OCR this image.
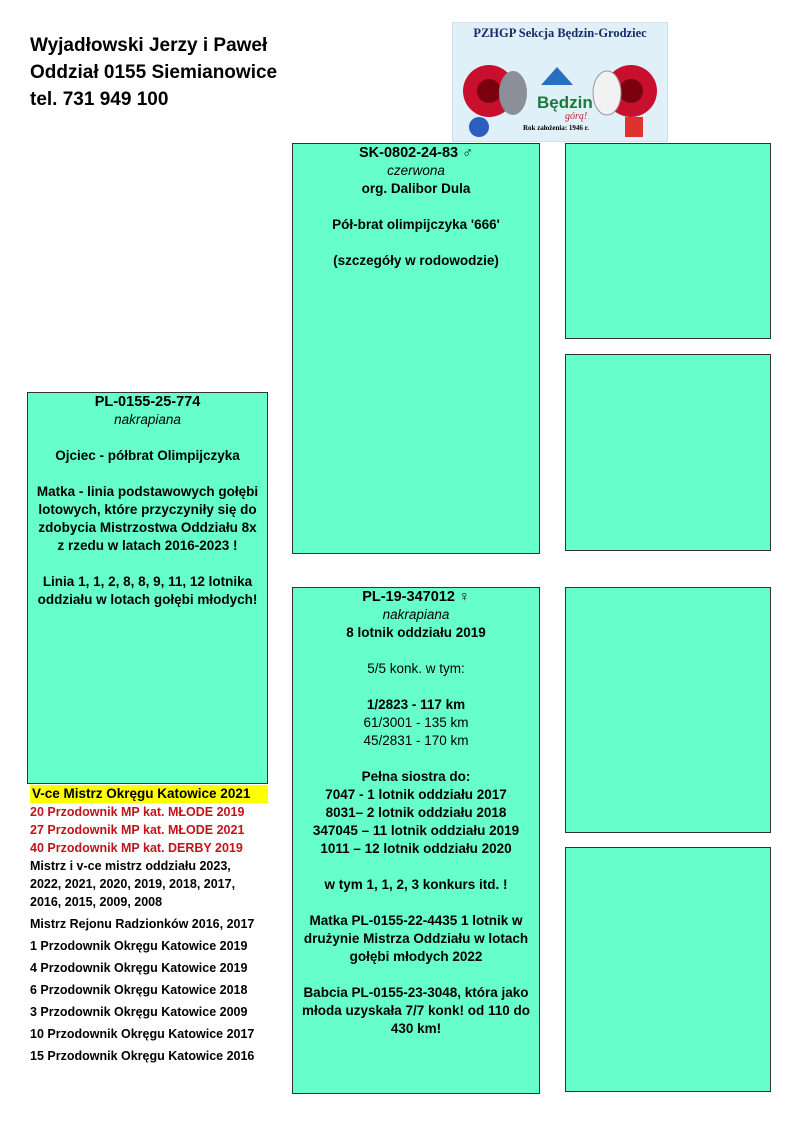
Wyjadłowski Jerzy i Paweł
Oddział 0155 Siemianowice
tel. 731 949 100
PZHGP Sekcja Będzin-Grodziec
Będzin
górą!
Rok założenia: 1946 r.
SK-0802-24-83 ♂
czerwona
org. Dalibor Dula
Pół-brat olimpijczyka '666'
(szczegóły w rodowodzie)
PL-0155-25-774
nakrapiana
Ojciec - półbrat Olimpijczyka
Matka - linia podstawowych gołębi lotowych, które przyczyniły się do zdobycia Mistrzostwa Oddziału 8x z rzedu w latach 2016-2023 !
Linia 1, 1, 2, 8, 8, 9, 11, 12 lotnika oddziału w lotach gołębi młodych!	PL-19-347012 ♀
nakrapiana
8 lotnik oddziału 2019
5/5 konk. w tym:
1/2823 - 117 km
61/3001 - 135 km
45/2831 - 170 km
Pełna siostra do:
7047 - 1 lotnik oddziału 2017
8031– 2 lotnik oddziału 2018
347045 – 11 lotnik oddziału 2019
1011 – 12 lotnik oddziału 2020
w tym 1, 1, 2, 3 konkurs itd. !
Matka PL-0155-22-4435 1 lotnik w drużynie Mistrza Oddziału w lotach gołębi młodych 2022
Babcia PL-0155-23-3048, która jako młoda uzyskała 7/7 konk! od 110 do 430 km!
V-ce Mistrz Okręgu Katowice 2021
20 Przodownik MP kat. MŁODE 2019
27 Przodownik MP kat. MŁODE 2021
40 Przodownik MP kat. DERBY 2019
Mistrz i v-ce mistrz oddziału 2023, 2022, 2021, 2020, 2019, 2018, 2017, 2016, 2015, 2009, 2008
Mistrz Rejonu Radzionków 2016, 2017
1 Przodownik Okręgu Katowice 2019
4 Przodownik Okręgu Katowice 2019
6 Przodownik Okręgu Katowice 2018
3 Przodownik Okręgu Katowice 2009
10 Przodownik Okręgu Katowice 2017
15 Przodownik Okręgu Katowice 2016
